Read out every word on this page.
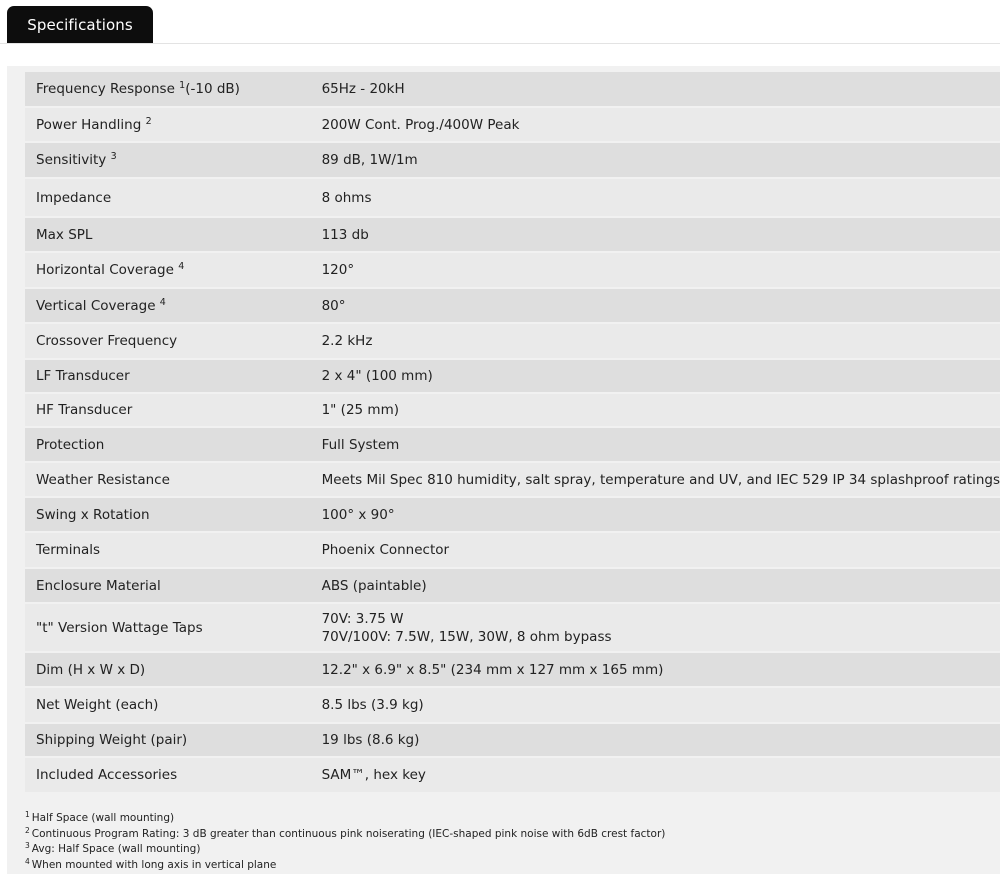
Specifications
Frequency Response $^1$(-10 dB)	65Hz - 20kH
Power Handling $^2$	200W Cont. Prog./400W Peak
Sensitivity $^3$	89 dB, 1W/1m
Impedance	8 ohms
Max SPL	113 db
Horizontal Coverage $^4$	120°
Vertical Coverage $^4$	80°
Crossover Frequency	2.2 kHz
LF Transducer	2 x 4" (100 mm)
HF Transducer	1" (25 mm)
Protection	Full System
Weather Resistance	Meets Mil Spec 810 humidity, salt spray, temperature and UV, and IEC 529 IP 34 splashproof ratings
Swing x Rotation	100° x 90°
Terminals	Phoenix Connector
Enclosure Material	ABS (paintable)
"t" Version Wattage Taps	70V: 3.75 W
70V/100V: 7.5W, 15W, 30W, 8 ohm bypass

Dim (H x W x D)	12.2" x 6.9" x 8.5" (234 mm x 127 mm x 165 mm)
Net Weight (each)	8.5 lbs (3.9 kg)
Shipping Weight (pair)	19 lbs (8.6 kg)
Included Accessories	SAM™, hex key
$^1$ Half Space (wall mounting)
$^2$ Continuous Program Rating: 3 dB greater than continuous pink noiserating (IEC-shaped pink noise with 6dB crest factor)
$^3$ Avg: Half Space (wall mounting)
$^4$ When mounted with long axis in vertical plane
